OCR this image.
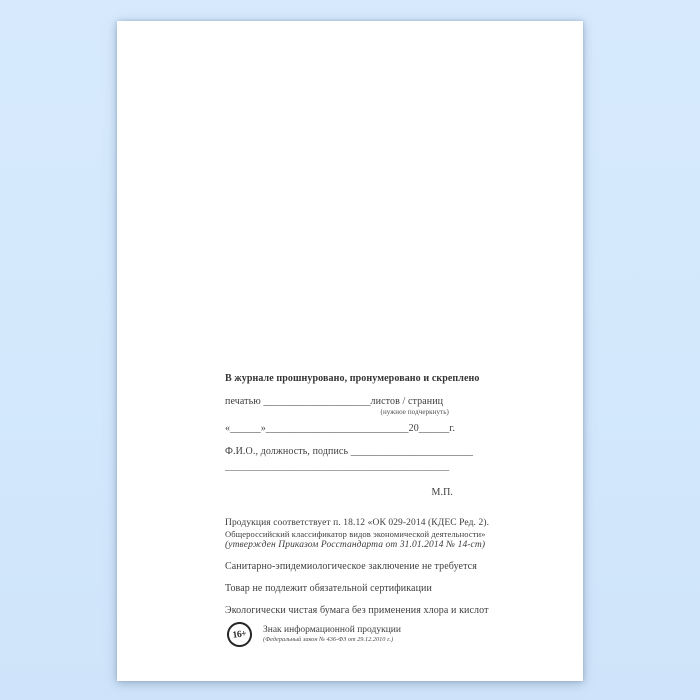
В журнале прошнуровано, пронумеровано и скреплено
печатью _____________________листов / страниц
(нужное подчеркнуть)
«______»____________________________20______г.
Ф.И.О., должность, подпись ________________________
____________________________________________
М.П.
Продукция соответствует п. 18.12 «ОК 029-2014 (КДЕС Ред. 2).
Общероссийский классификатор видов экономической деятельности»
(утвержден Приказом Росстандарта от 31.01.2014 № 14-ст)
Санитарно-эпидемиологическое заключение не требуется
Товар не подлежит обязательной сертификации
Экологически чистая бумага без применения хлора и кислот
16+	Знак информационной продукции
(Федеральный закон № 436-ФЗ от 29.12.2010 г.)
